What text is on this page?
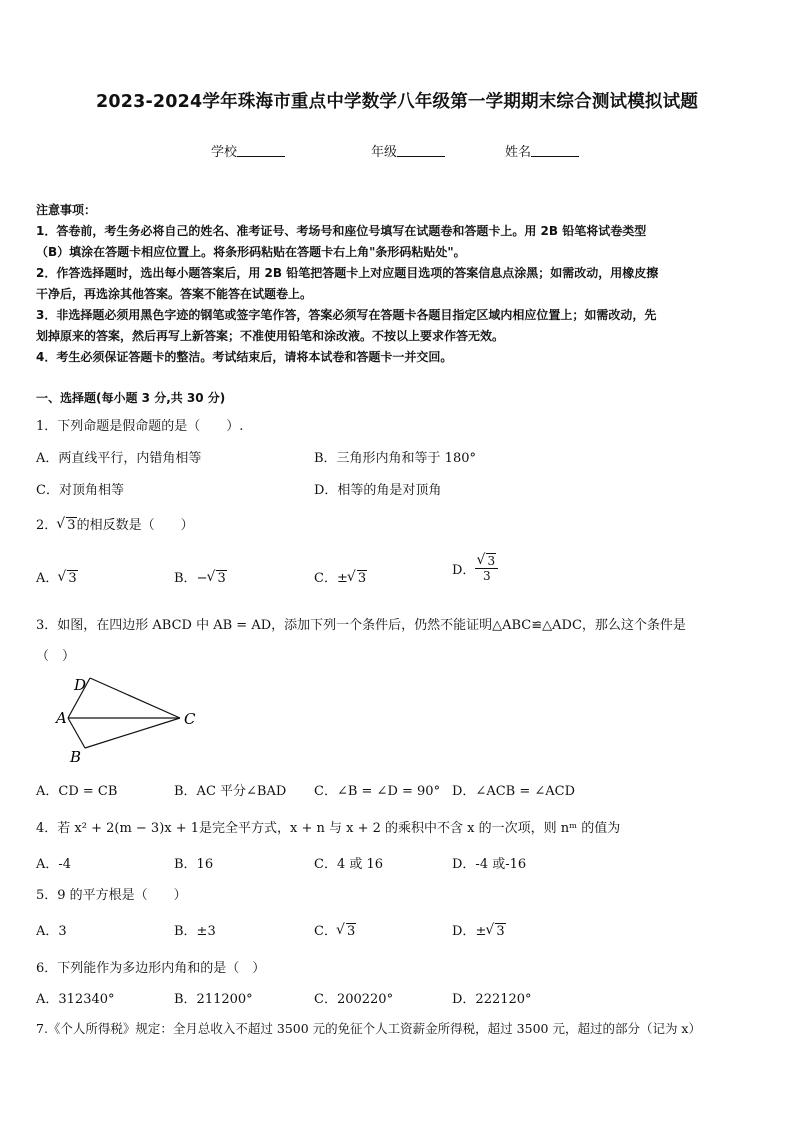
2023-2024学年珠海市重点中学数学八年级第一学期期末综合测试模拟试题
学校	年级	姓名
注意事项：
1．答卷前，考生务必将自己的姓名、准考证号、考场号和座位号填写在试题卷和答题卡上。用 2B 铅笔将试卷类型
（B）填涂在答题卡相应位置上。将条形码粘贴在答题卡右上角"条形码粘贴处"。
2．作答选择题时，选出每小题答案后，用 2B 铅笔把答题卡上对应题目选项的答案信息点涂黑；如需改动，用橡皮擦
干净后，再选涂其他答案。答案不能答在试题卷上。
3．非选择题必须用黑色字迹的钢笔或签字笔作答，答案必须写在答题卡各题目指定区域内相应位置上；如需改动，先
划掉原来的答案，然后再写上新答案；不准使用铅笔和涂改液。不按以上要求作答无效。
4．考生必须保证答题卡的整洁。考试结束后，请将本试卷和答题卡一并交回。
一、选择题(每小题 3 分,共 30 分)
1．下列命题是假命题的是（　　）.
A．两直线平行，内错角相等	B．三角形内角和等于 180°
C．对顶角相等	D．相等的角是对顶角
2． √ 3的相反数是（　　）
A． √ 3	B．− √ 3	C．± √ 3
D． √ $\frac{3}{3}$
3．如图，在四边形 ABCD 中 AB = AD，添加下列一个条件后，仍然不能证明△ABC≌△ADC，那么这个条件是
（　）
D
A	C
B
A．CD = CB	B．AC 平分∠BAD C．∠B = ∠D = 90° D．∠ACB = ∠ACD
4．若 x² + 2(m − 3)x + 1是完全平方式，x + n 与 x + 2 的乘积中不含 x 的一次项，则 nᵐ 的值为
A．-4	B．16	C．4 或 16	D．-4 或-16
5．9 的平方根是（　　）
A．3	B．±3	C． √ 3	D．± √ 3
6．下列能作为多边形内角和的是（　）
A．312340°	B．211200°	C．200220°	D．222120°
7.《个人所得税》规定：全月总收入不超过 3500 元的免征个人工资薪金所得税，超过 3500 元，超过的部分（记为 x）
